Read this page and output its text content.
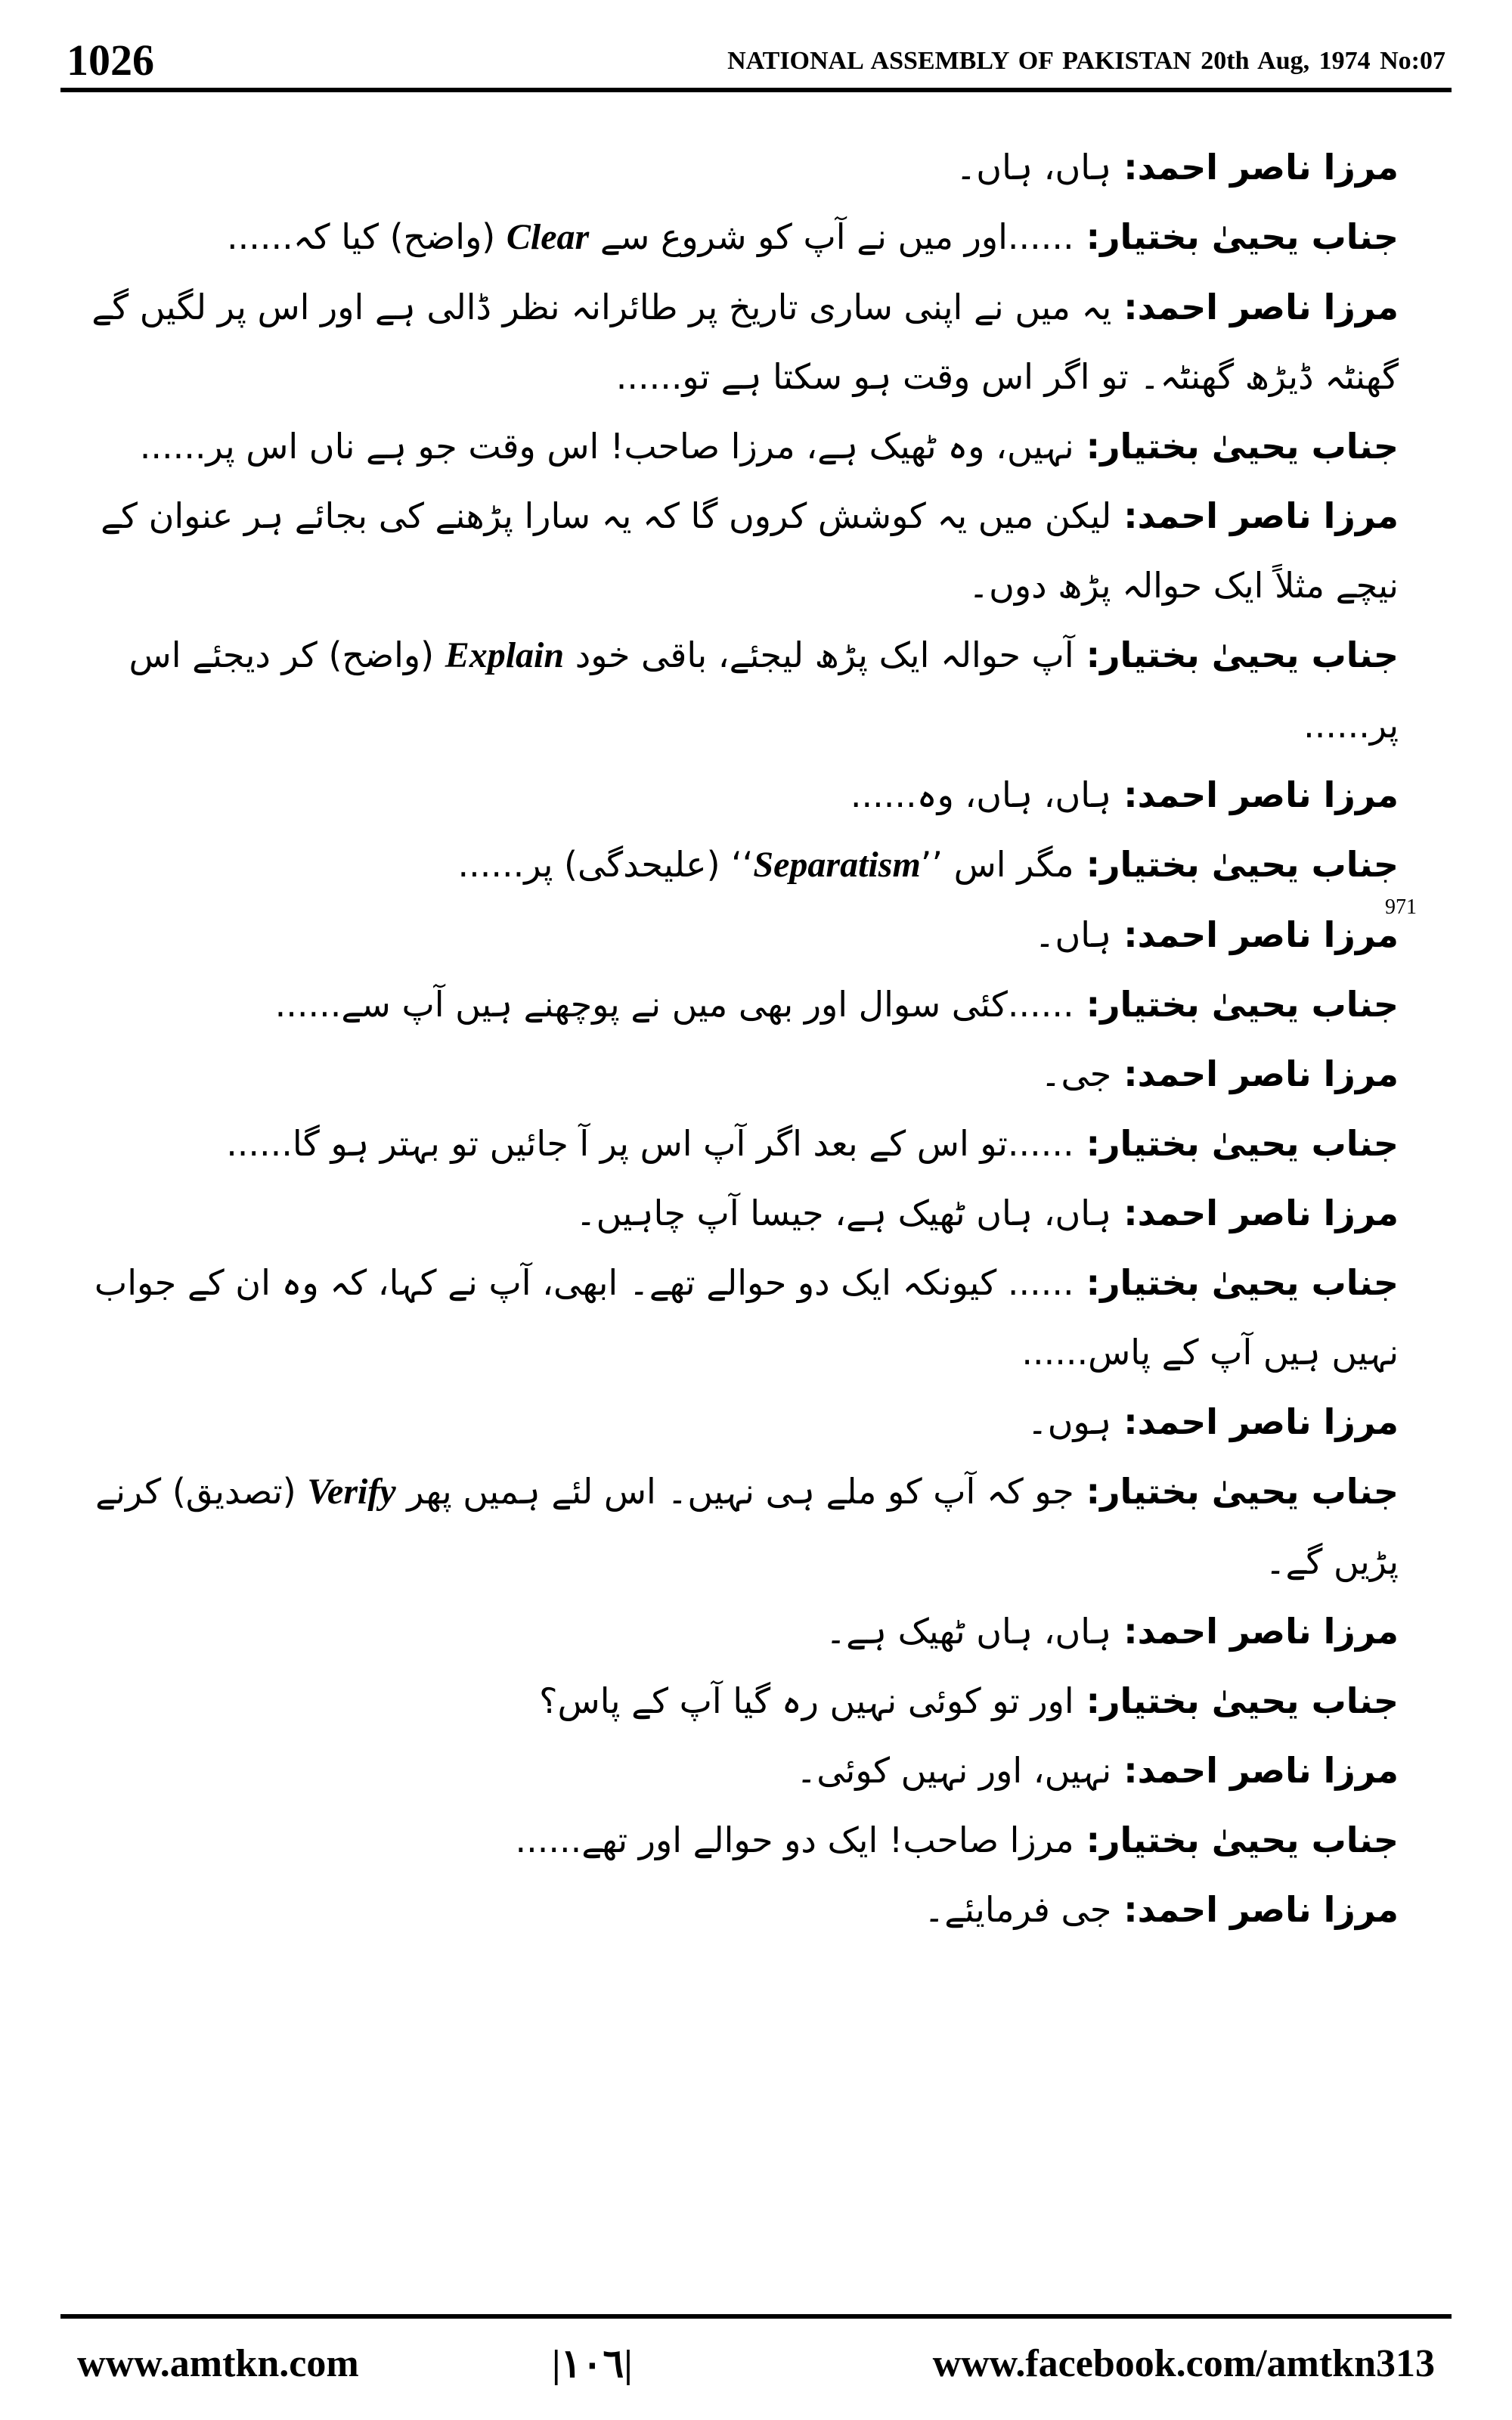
1026	NATIONAL ASSEMBLY OF PAKISTAN 20th Aug, 1974 No:07
مرزا ناصر احمد: ہاں، ہاں۔
جناب یحییٰ بختیار: ......اور میں نے آپ کو شروع سے Clear (واضح) کیا کہ......
مرزا ناصر احمد: یہ میں نے اپنی ساری تاریخ پر طائرانہ نظر ڈالی ہے اور اس پر لگیں گے گھنٹہ ڈیڑھ گھنٹہ۔ تو اگر اس وقت ہو سکتا ہے تو......
جناب یحییٰ بختیار: نہیں، وہ ٹھیک ہے، مرزا صاحب! اس وقت جو ہے ناں اس پر......
مرزا ناصر احمد: لیکن میں یہ کوشش کروں گا کہ یہ سارا پڑھنے کی بجائے ہر عنوان کے نیچے مثلاً ایک حوالہ پڑھ دوں۔
جناب یحییٰ بختیار: آپ حوالہ ایک پڑھ لیجئے، باقی خود Explain (واضح) کر دیجئے اس پر......
مرزا ناصر احمد: ہاں، ہاں، وہ......
جناب یحییٰ بختیار: مگر اس ’’Separatism‘‘ (علیحدگی) پر......
971
مرزا ناصر احمد: ہاں۔
جناب یحییٰ بختیار: ......کئی سوال اور بھی میں نے پوچھنے ہیں آپ سے......
مرزا ناصر احمد: جی۔
جناب یحییٰ بختیار: ......تو اس کے بعد اگر آپ اس پر آ جائیں تو بہتر ہو گا......
مرزا ناصر احمد: ہاں، ہاں ٹھیک ہے، جیسا آپ چاہیں۔
جناب یحییٰ بختیار: ...... کیونکہ ایک دو حوالے تھے۔ ابھی، آپ نے کہا، کہ وہ ان کے جواب نہیں ہیں آپ کے پاس......
مرزا ناصر احمد: ہوں۔
جناب یحییٰ بختیار: جو کہ آپ کو ملے ہی نہیں۔ اس لئے ہمیں پھر Verify (تصدیق) کرنے پڑیں گے۔
مرزا ناصر احمد: ہاں، ہاں ٹھیک ہے۔
جناب یحییٰ بختیار: اور تو کوئی نہیں رہ گیا آپ کے پاس؟
مرزا ناصر احمد: نہیں، اور نہیں کوئی۔
جناب یحییٰ بختیار: مرزا صاحب! ایک دو حوالے اور تھے......
مرزا ناصر احمد: جی فرمایئے۔
www.amtkn.com	|١٠٦|	www.facebook.com/amtkn313
